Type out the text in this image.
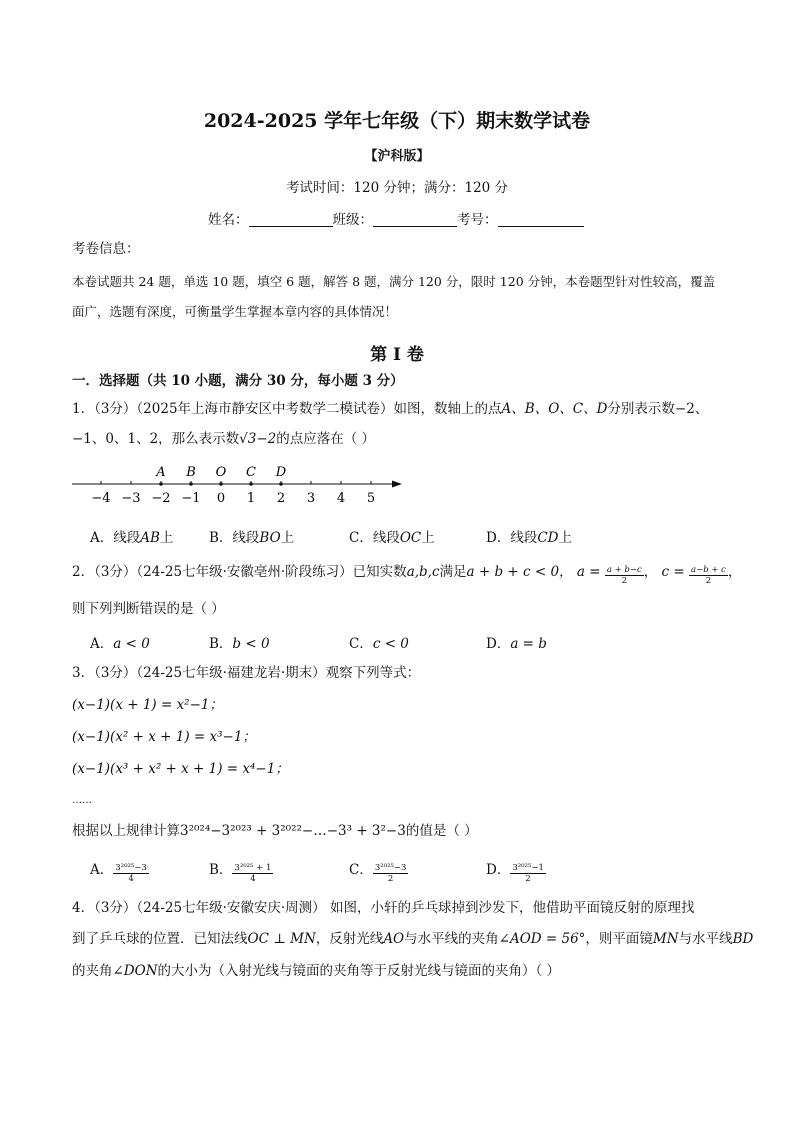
2024-2025 学年七年级（下）期末数学试卷
【沪科版】
考试时间：120 分钟；满分：120 分
姓名：	班级：	考号：
考卷信息：
本卷试题共 24 题，单选 10 题，填空 6 题，解答 8 题，满分 120 分，限时 120 分钟，本卷题型针对性较高，覆盖
面广，选题有深度，可衡量学生掌握本章内容的具体情况！
第 I 卷
一．选择题（共 10 小题，满分 30 分，每小题 3 分）
1．（3分）（2025年上海市静安区中考数学二模试卷）如图，数轴上的点A、B、O、C、D分别表示数−2、
−1、0、1、2，那么表示数√3−2的点应落在（ ）
−4 −3 −2 −1 0 1 2 3 4 5
A B O C D
A．线段AB上	B．线段BO上	C．线段OC上	D．线段CD上
2．（3分）（24-25七年级·安徽亳州·阶段练习）已知实数a,b,c满足a + b + c < 0， $a = \frac{a + b-c}{2}$ ， $c = \frac{a-b + c}{2}$ ，
则下列判断错误的是（ ）
A．a < 0	B．b < 0	C．c < 0	D．a = b
3．（3分）（24-25七年级·福建龙岩·期末）观察下列等式：
(x−1)(x + 1) = x²−1；
(x−1)(x² + x + 1) = x³−1；
(x−1)(x³ + x² + x + 1) = x⁴−1；
……
根据以上规律计算3²⁰²⁴−3²⁰²³ + 3²⁰²²−…−3³ + 3²−3的值是（ ）
A． $\frac{\text{3²⁰²⁵−3}}{4}$	B． $\frac{\text{3²⁰²⁵ + 1}}{4}$	C． $\frac{\text{3²⁰²⁵−3}}{2}$	D． $\frac{\text{3²⁰²⁵−1}}{2}$
4．（3分）（24-25七年级·安徽安庆·周测） 如图，小轩的乒乓球掉到沙发下，他借助平面镜反射的原理找
到了乒乓球的位置．已知法线OC ⊥ MN，反射光线AO与水平线的夹角∠AOD = 56°，则平面镜MN与水平线BD
的夹角∠DON的大小为（入射光线与镜面的夹角等于反射光线与镜面的夹角）（ ）
